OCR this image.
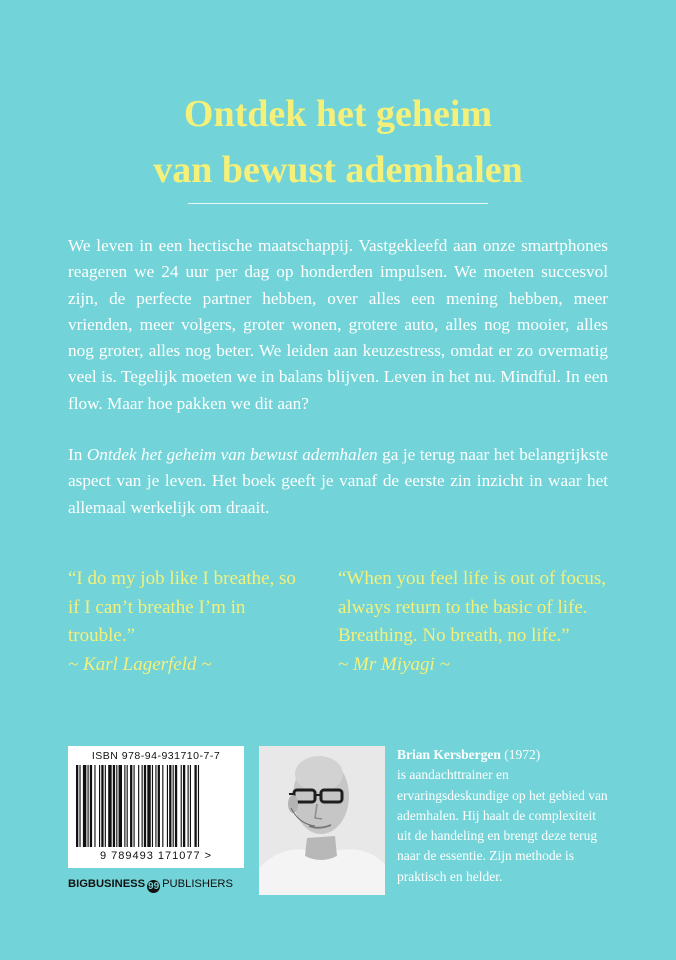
Ontdek het geheim
van bewust ademhalen

We leven in een hectische maatschappij. Vastgekleefd aan onze smartphones reageren we 24 uur per dag op honderden impulsen. We moeten succesvol zijn, de perfecte partner hebben, over alles een mening hebben, meer vrienden, meer volgers, groter wonen, grotere auto, alles nog mooier, alles nog groter, alles nog beter. We leiden aan keuzestress, omdat er zo overmatig veel is. Tegelijk moeten we in balans blijven. Leven in het nu. Mindful. In een flow. Maar hoe pakken we dit aan?

In Ontdek het geheim van bewust ademhalen ga je terug naar het belangrijkste aspect van je leven. Het boek geeft je vanaf de eerste zin inzicht in waar het allemaal werkelijk om draait.

“I do my job like I breathe, so if I can’t breathe I’m in trouble.”
~ Karl Lagerfeld ~
“When you feel life is out of focus, always return to the basic of life. Breathing. No breath, no life.”
~ Mr Miyagi ~
ISBN 978-94-931710-7-7
9 789493 171077 >
BIGBUSINESS 99 PUBLISHERS
Brian Kersbergen (1972)
is aandachttrainer en ervaringsdeskundige op het gebied van ademhalen. Hij haalt de complexiteit uit de handeling en brengt deze terug naar de essentie. Zijn methode is praktisch en helder.
